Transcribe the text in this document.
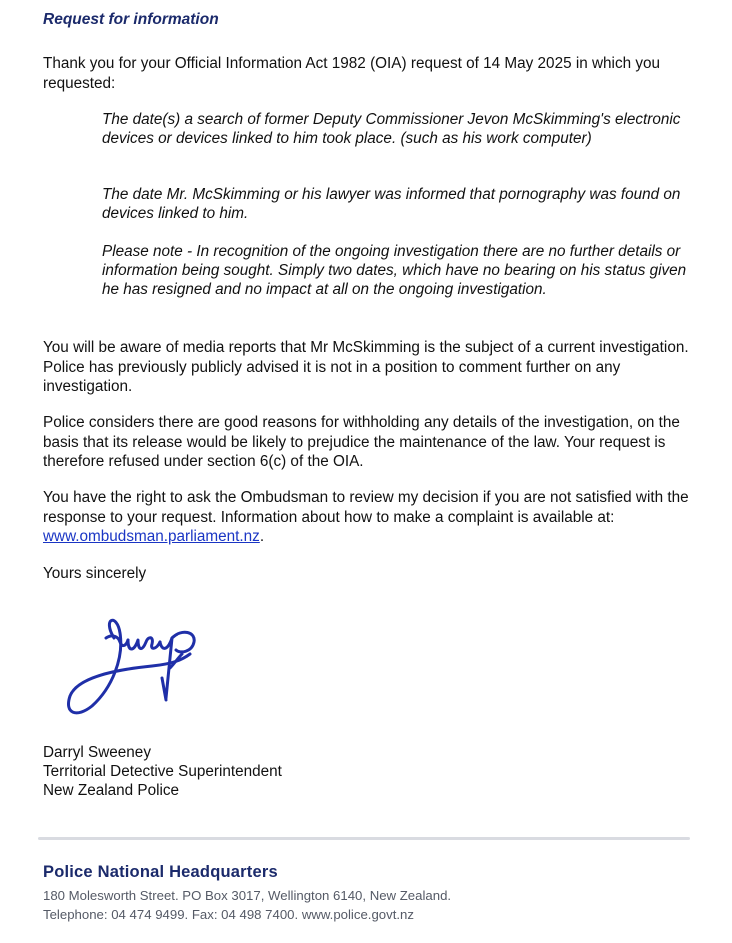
Request for information

Thank you for your Official Information Act 1982 (OIA) request of 14 May 2025 in which you requested:

The date(s) a search of former Deputy Commissioner Jevon McSkimming's electronic devices or devices linked to him took place. (such as his work computer)

The date Mr. McSkimming or his lawyer was informed that pornography was found on devices linked to him.

Please note - In recognition of the ongoing investigation there are no further details or information being sought. Simply two dates, which have no bearing on his status given he has resigned and no impact at all on the ongoing investigation.

You will be aware of media reports that Mr McSkimming is the subject of a current investigation. Police has previously publicly advised it is not in a position to comment further on any investigation.

Police considers there are good reasons for withholding any details of the investigation, on the basis that its release would be likely to prejudice the maintenance of the law. Your request is therefore refused under section 6(c) of the OIA.

You have the right to ask the Ombudsman to review my decision if you are not satisfied with the response to your request. Information about how to make a complaint is available at: www.ombudsman.parliament.nz.

Yours sincerely

Darryl Sweeney

Territorial Detective Superintendent

New Zealand Police

Police National Headquarters

180 Molesworth Street. PO Box 3017, Wellington 6140, New Zealand.

Telephone: 04 474 9499. Fax: 04 498 7400. www.police.govt.nz
